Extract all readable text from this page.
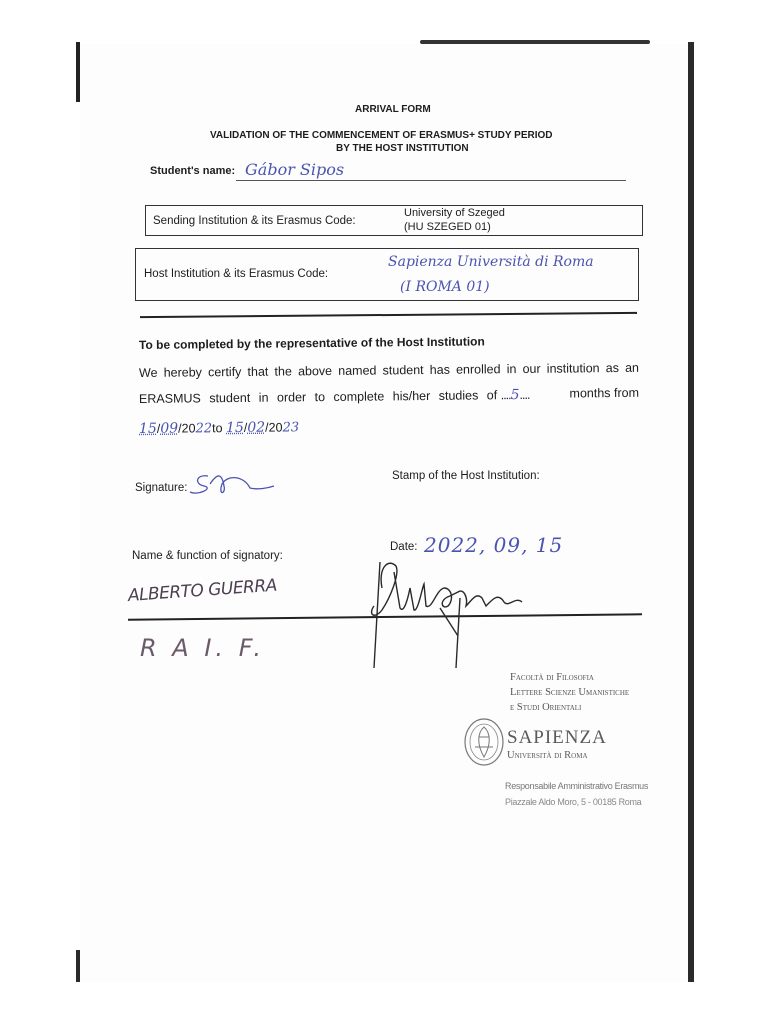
ARRIVAL FORM
VALIDATION OF THE COMMENCEMENT OF ERASMUS+ STUDY PERIOD
BY THE HOST INSTITUTION
Student's name: Gábor Sipos
Sending Institution & its Erasmus Code:
University of Szeged
(HU SZEGED 01)
Host Institution & its Erasmus Code:
Sapienza Università di Roma
(I ROMA 01)
To be completed by the representative of the Host Institution
We hereby certify that the above named student has enrolled in our institution as an
ERASMUS student in order to complete his/her studies of ....5....	months from
15/09/2022to 15/02/2023
Signature:
Stamp of the Host Institution:
Name & function of signatory:
Date: 2022, 09, 15
ALBERTO GUERRA
R A I. F.
Facoltà di Filosofia
Lettere Scienze Umanistiche
e Studi Orientali
SAPIENZA
Università di Roma
Responsabile Amministrativo Erasmus
Piazzale Aldo Moro, 5 - 00185 Roma
